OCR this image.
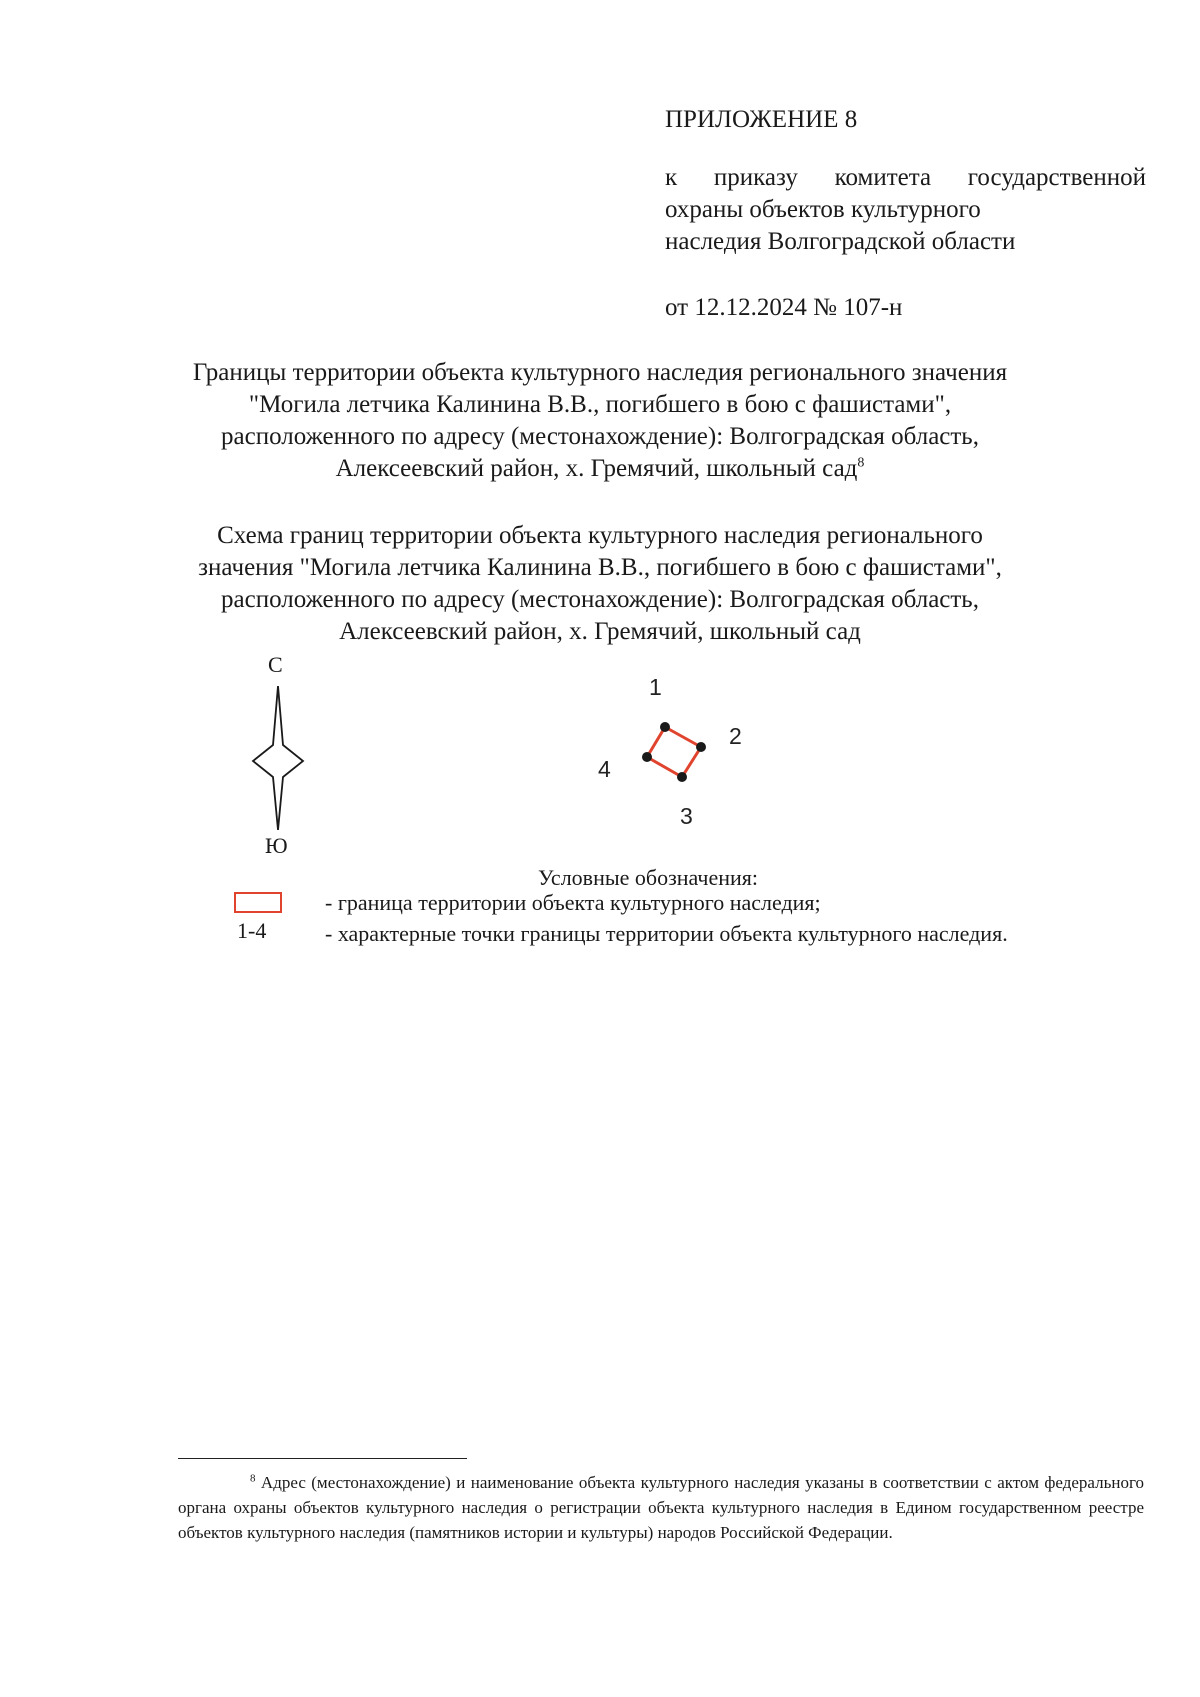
ПРИЛОЖЕНИЕ 8
к приказу комитета государственной
охраны объектов культурного
наследия Волгоградской области
от 12.12.2024 № 107-н
Границы территории объекта культурного наследия регионального значения
"Могила летчика Калинина В.В., погибшего в бою с фашистами",
расположенного по адресу (местонахождение): Волгоградская область,
Алексеевский район, х. Гремячий, школьный сад$^8$
Схема границ территории объекта культурного наследия регионального
значения "Могила летчика Калинина В.В., погибшего в бою с фашистами",
расположенного по адресу (местонахождение): Волгоградская область,
Алексеевский район, х. Гремячий, школьный сад
С
Ю
1
2
3
4
Условные обозначения:
1-4
- граница территории объекта культурного наследия;
- характерные точки границы территории объекта культурного наследия.
$^8$ Адрес (местонахождение) и наименование объекта культурного наследия указаны в соответствии с актом федерального органа охраны объектов культурного наследия о регистрации объекта культурного наследия в Едином государственном реестре объектов культурного наследия (памятников истории и культуры) народов Российской Федерации.
